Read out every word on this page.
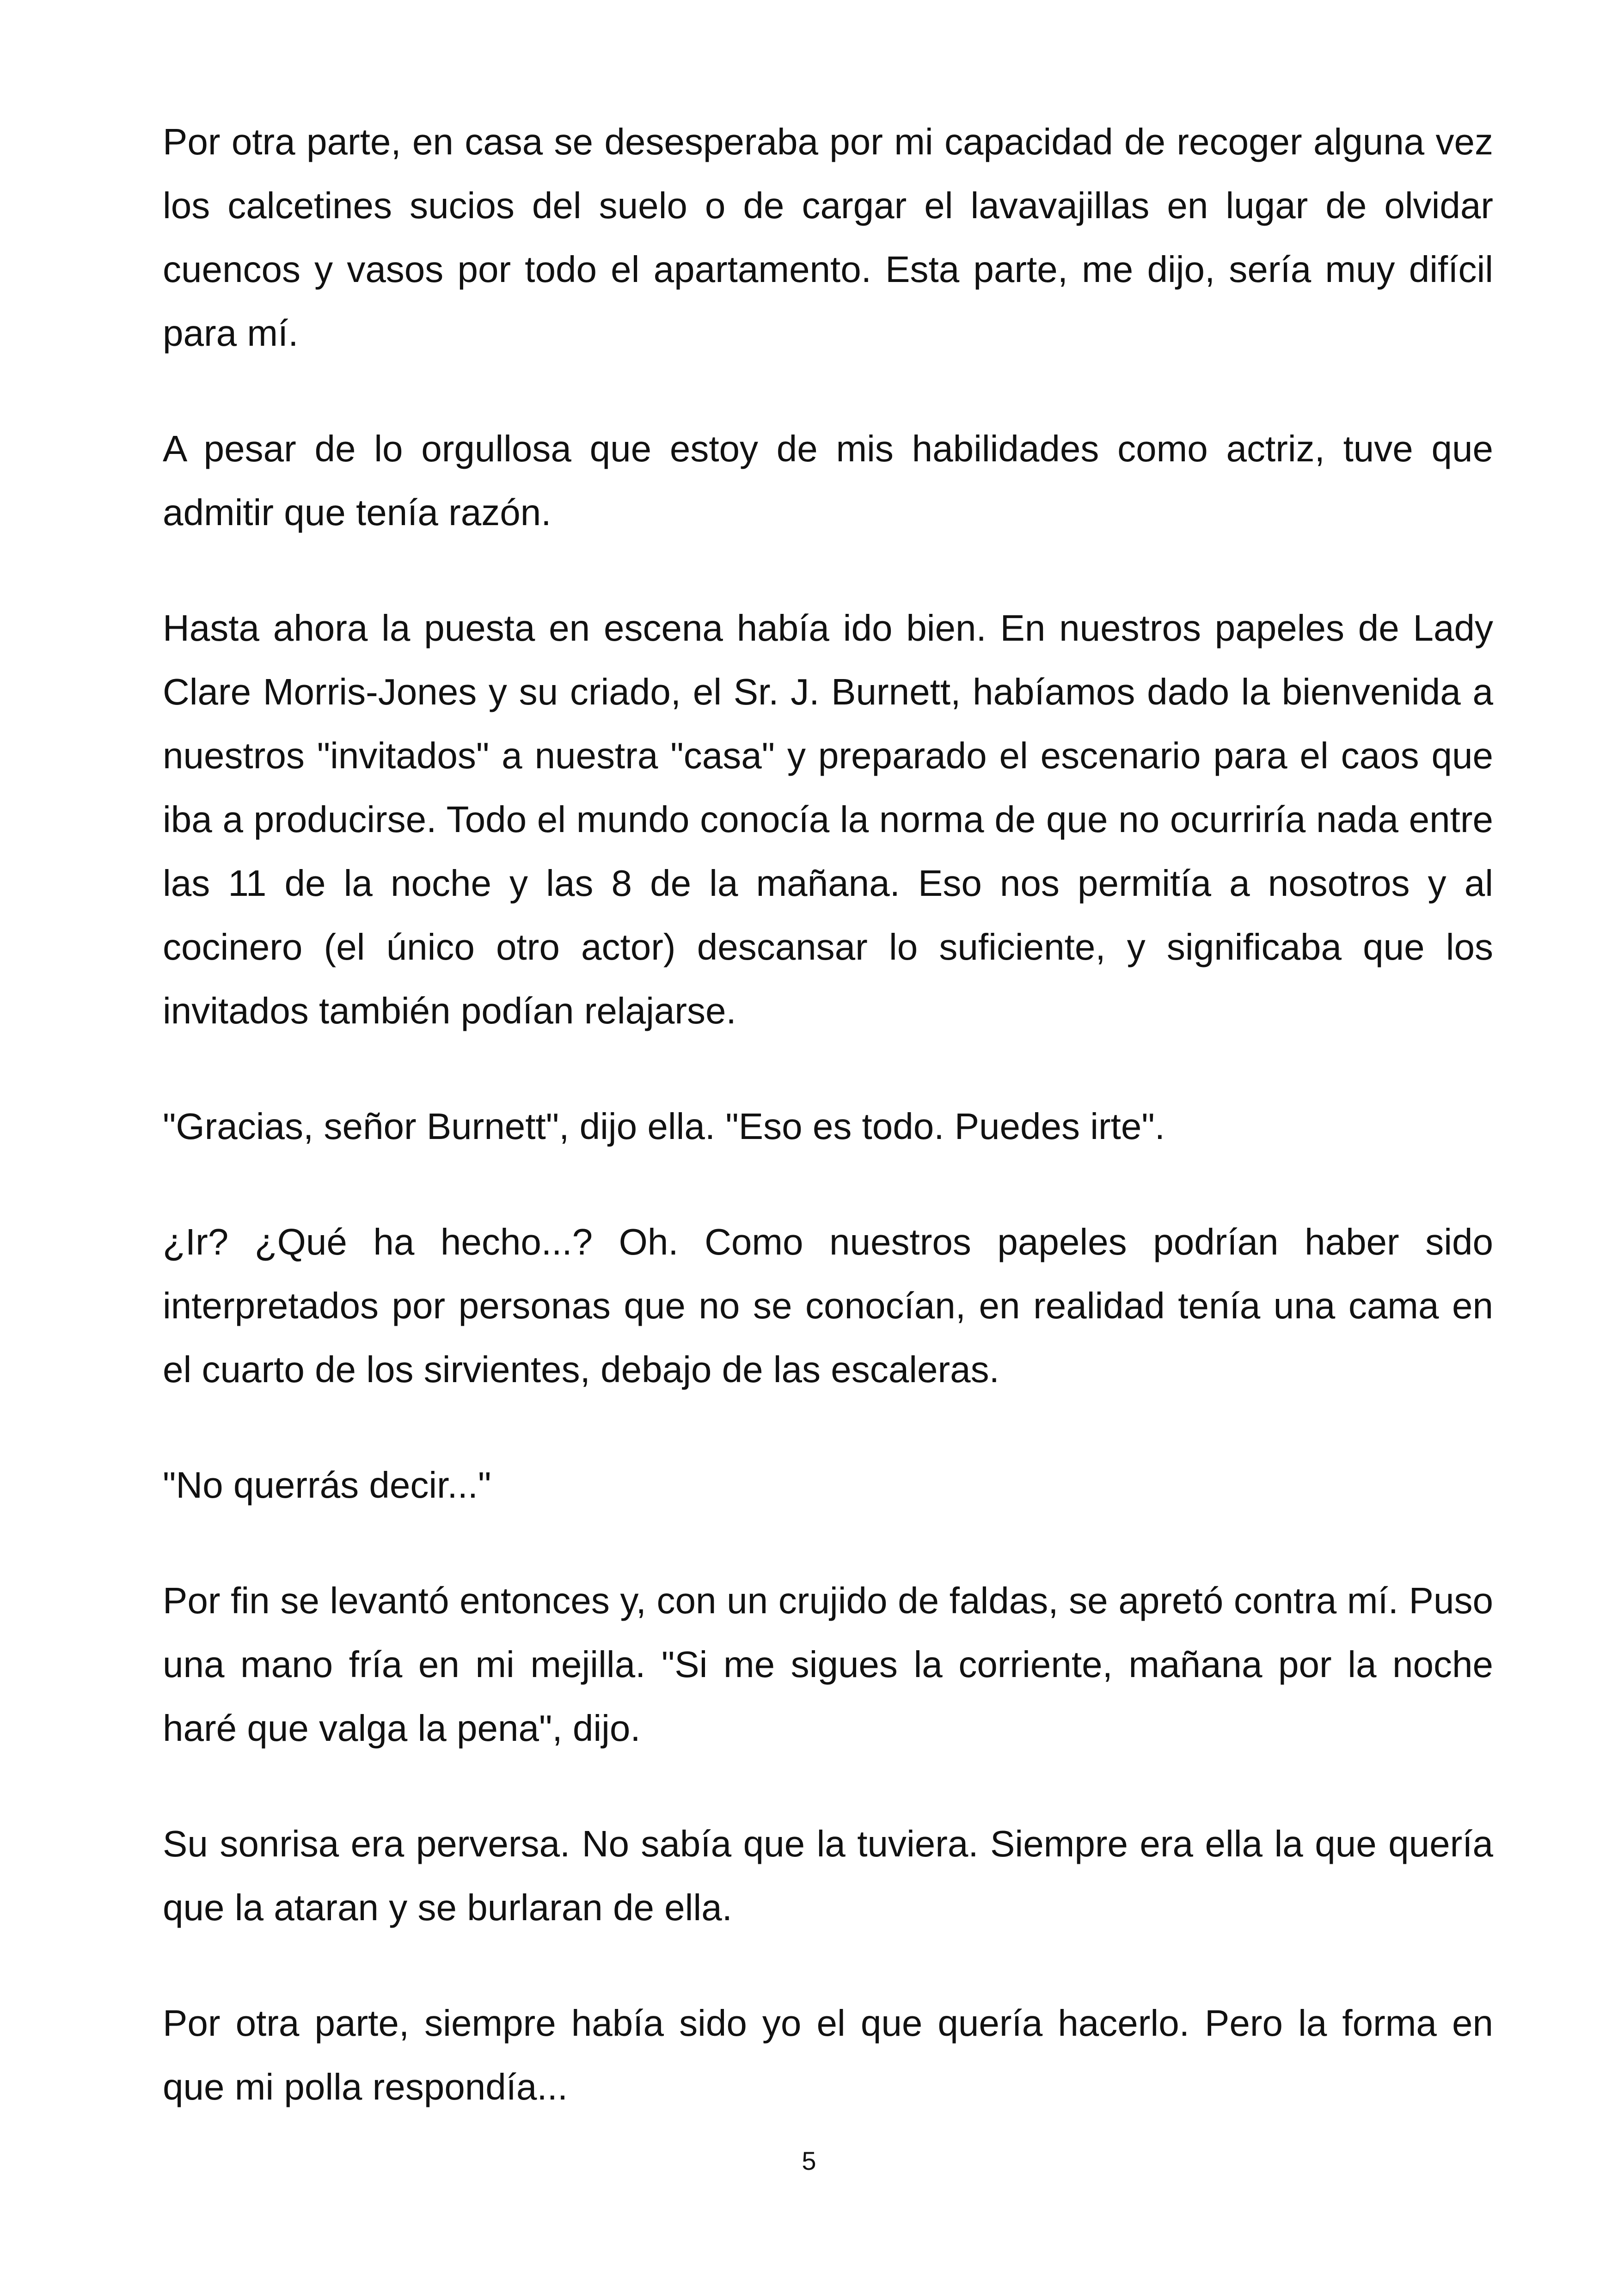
Por otra parte, en casa se desesperaba por mi capacidad de recoger alguna vez los calcetines sucios del suelo o de cargar el lavavajillas en lugar de olvidar cuencos y vasos por todo el apartamento. Esta parte, me dijo, sería muy difícil para mí.

A pesar de lo orgullosa que estoy de mis habilidades como actriz, tuve que admitir que tenía razón.

Hasta ahora la puesta en escena había ido bien. En nuestros papeles de Lady Clare Morris-Jones y su criado, el Sr. J. Burnett, habíamos dado la bienvenida a nuestros "invitados" a nuestra "casa" y preparado el escenario para el caos que iba a producirse. Todo el mundo conocía la norma de que no ocurriría nada entre las 11 de la noche y las 8 de la mañana. Eso nos permitía a nosotros y al cocinero (el único otro actor) descansar lo suficiente, y significaba que los invitados también podían relajarse.

"Gracias, señor Burnett", dijo ella. "Eso es todo. Puedes irte".

¿Ir? ¿Qué ha hecho...? Oh. Como nuestros papeles podrían haber sido interpretados por personas que no se conocían, en realidad tenía una cama en el cuarto de los sirvientes, debajo de las escaleras.

"No querrás decir..."

Por fin se levantó entonces y, con un crujido de faldas, se apretó contra mí. Puso una mano fría en mi mejilla. "Si me sigues la corriente, mañana por la noche haré que valga la pena", dijo.

Su sonrisa era perversa. No sabía que la tuviera. Siempre era ella la que quería que la ataran y se burlaran de ella.

Por otra parte, siempre había sido yo el que quería hacerlo. Pero la forma en que mi polla respondía...

5
